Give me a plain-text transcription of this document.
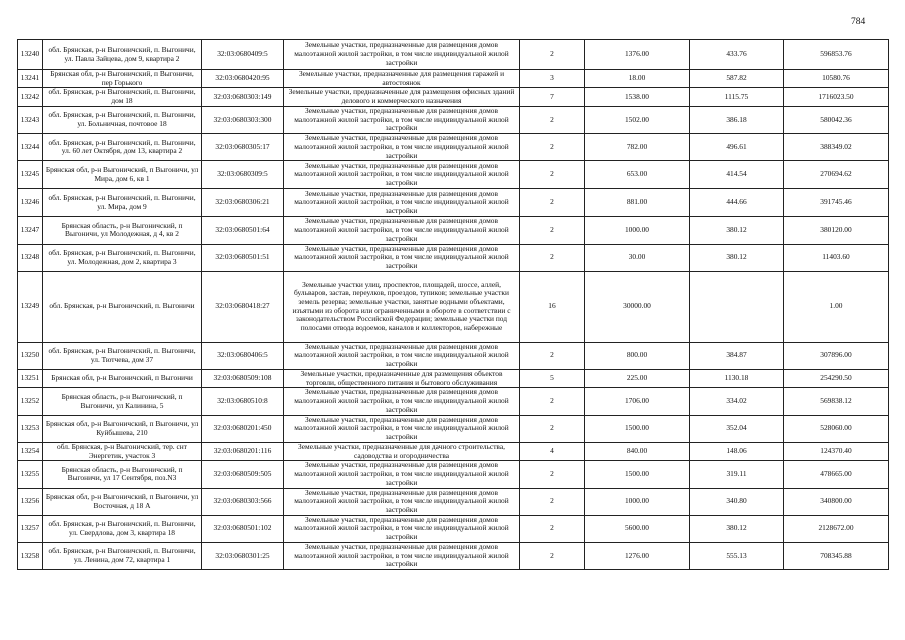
784
13240	обл. Брянская, р-н Выгоничский, п. Выгоничи, ул. Павла Зайцева, дом 9, квартира 2	32:03:0680409:5	Земельные участки, предназначенные для размещения домов малоэтажной жилой застройки, в том числе индивидуальной жилой застройки	2	1376.00	433.76	596853.76
13241	Брянская обл, р-н Выгоничский, п Выгоничи, пер Горького	32:03:0680420:95	Земельные участки, предназначенные для размещения гаражей и автостоянок	3	18.00	587.82	10580.76
13242	обл. Брянская, р-н Выгоничский, п. Выгоничи, дом 18	32:03:0680303:149	Земельные участки, предназначенные для размещения офисных зданий делового и коммерческого назначения	7	1538.00	1115.75	1716023.50
13243	обл. Брянская, р-н Выгоничский, п. Выгоничи, ул. Больничная, почтовое 18	32:03:0680303:300	Земельные участки, предназначенные для размещения домов малоэтажной жилой застройки, в том числе индивидуальной жилой застройки	2	1502.00	386.18	580042.36
13244	обл. Брянская, р-н Выгоничский, п. Выгоничи, ул. 60 лет Октября, дом 13, квартира 2	32:03:0680305:17	Земельные участки, предназначенные для размещения домов малоэтажной жилой застройки, в том числе индивидуальной жилой застройки	2	782.00	496.61	388349.02
13245	Брянская обл, р-н Выгоничский, п Выгоничи, ул Мира, дом 6, кв 1	32:03:0680309:5	Земельные участки, предназначенные для размещения домов малоэтажной жилой застройки, в том числе индивидуальной жилой застройки	2	653.00	414.54	270694.62
13246	обл. Брянская, р-н Выгоничский, п. Выгоничи, ул. Мира, дом 9	32:03:0680306:21	Земельные участки, предназначенные для размещения домов малоэтажной жилой застройки, в том числе индивидуальной жилой застройки	2	881.00	444.66	391745.46
13247	Брянская область, р-н Выгоничский, п Выгоничи, ул Молодежная, д 4, кв 2	32:03:0680501:64	Земельные участки, предназначенные для размещения домов малоэтажной жилой застройки, в том числе индивидуальной жилой застройки	2	1000.00	380.12	380120.00
13248	обл. Брянская, р-н Выгоничский, п. Выгоничи, ул. Молодежная, дом 2, квартира 3	32:03:0680501:51	Земельные участки, предназначенные для размещения домов малоэтажной жилой застройки, в том числе индивидуальной жилой застройки	2	30.00	380.12	11403.60
13249	обл. Брянская, р-н Выгоничский, п. Выгоничи	32:03:0680418:27	Земельные участки улиц, проспектов, площадей, шоссе, аллей, бульваров, застав, переулков, проездов, тупиков; земельные участки земель резерва; земельные участки, занятые водными объектами, изъятыми из оборота или ограниченными в обороте в соответствии с законодательством Российской Федерации; земельные участки под полосами отвода водоемов, каналов и коллекторов, набережные	16	30000.00		1.00
13250	обл. Брянская, р-н Выгоничский, п. Выгоничи, ул. Тютчева, дом 37	32:03:0680406:5	Земельные участки, предназначенные для размещения домов малоэтажной жилой застройки, в том числе индивидуальной жилой застройки	2	800.00	384.87	307896.00
13251	Брянская обл, р-н Выгоничский, п Выгоничи	32:03:0680509:108	Земельные участки, предназначенные для размещения объектов торговли, общественного питания и бытового обслуживания	5	225.00	1130.18	254290.50
13252	Брянская область, р-н Выгоничский, п Выгоничи, ул Калинина, 5	32:03:0680510:8	Земельные участки, предназначенные для размещения домов малоэтажной жилой застройки, в том числе индивидуальной жилой застройки	2	1706.00	334.02	569838.12
13253	Брянская обл, р-н Выгоничский, п Выгоничи, ул Куйбышева, 210	32:03:0680201:450	Земельные участки, предназначенные для размещения домов малоэтажной жилой застройки, в том числе индивидуальной жилой застройки	2	1500.00	352.04	528060.00
13254	обл. Брянская, р-н Выгоничский, тер. снт Энергетик, участок 3	32:03:0680201:116	Земельные участки, предназначенные для дачного строительства, садоводства и огородничества	4	840.00	148.06	124370.40
13255	Брянская область, р-н Выгоничский, п Выгоничи, ул 17 Сентября, поз.N3	32:03:0680509:505	Земельные участки, предназначенные для размещения домов малоэтажной жилой застройки, в том числе индивидуальной жилой застройки	2	1500.00	319.11	478665.00
13256	Брянская обл, р-н Выгоничский, п Выгоничи, ул Восточная, д 18 А	32:03:0680303:566	Земельные участки, предназначенные для размещения домов малоэтажной жилой застройки, в том числе индивидуальной жилой застройки	2	1000.00	340.80	340800.00
13257	обл. Брянская, р-н Выгоничский, п. Выгоничи, ул. Свердлова, дом 3, квартира 18	32:03:0680501:102	Земельные участки, предназначенные для размещения домов малоэтажной жилой застройки, в том числе индивидуальной жилой застройки	2	5600.00	380.12	2128672.00
13258	обл. Брянская, р-н Выгоничский, п. Выгоничи, ул. Ленина, дом 72, квартира 1	32:03:0680301:25	Земельные участки, предназначенные для размещения домов малоэтажной жилой застройки, в том числе индивидуальной жилой застройки	2	1276.00	555.13	708345.88
